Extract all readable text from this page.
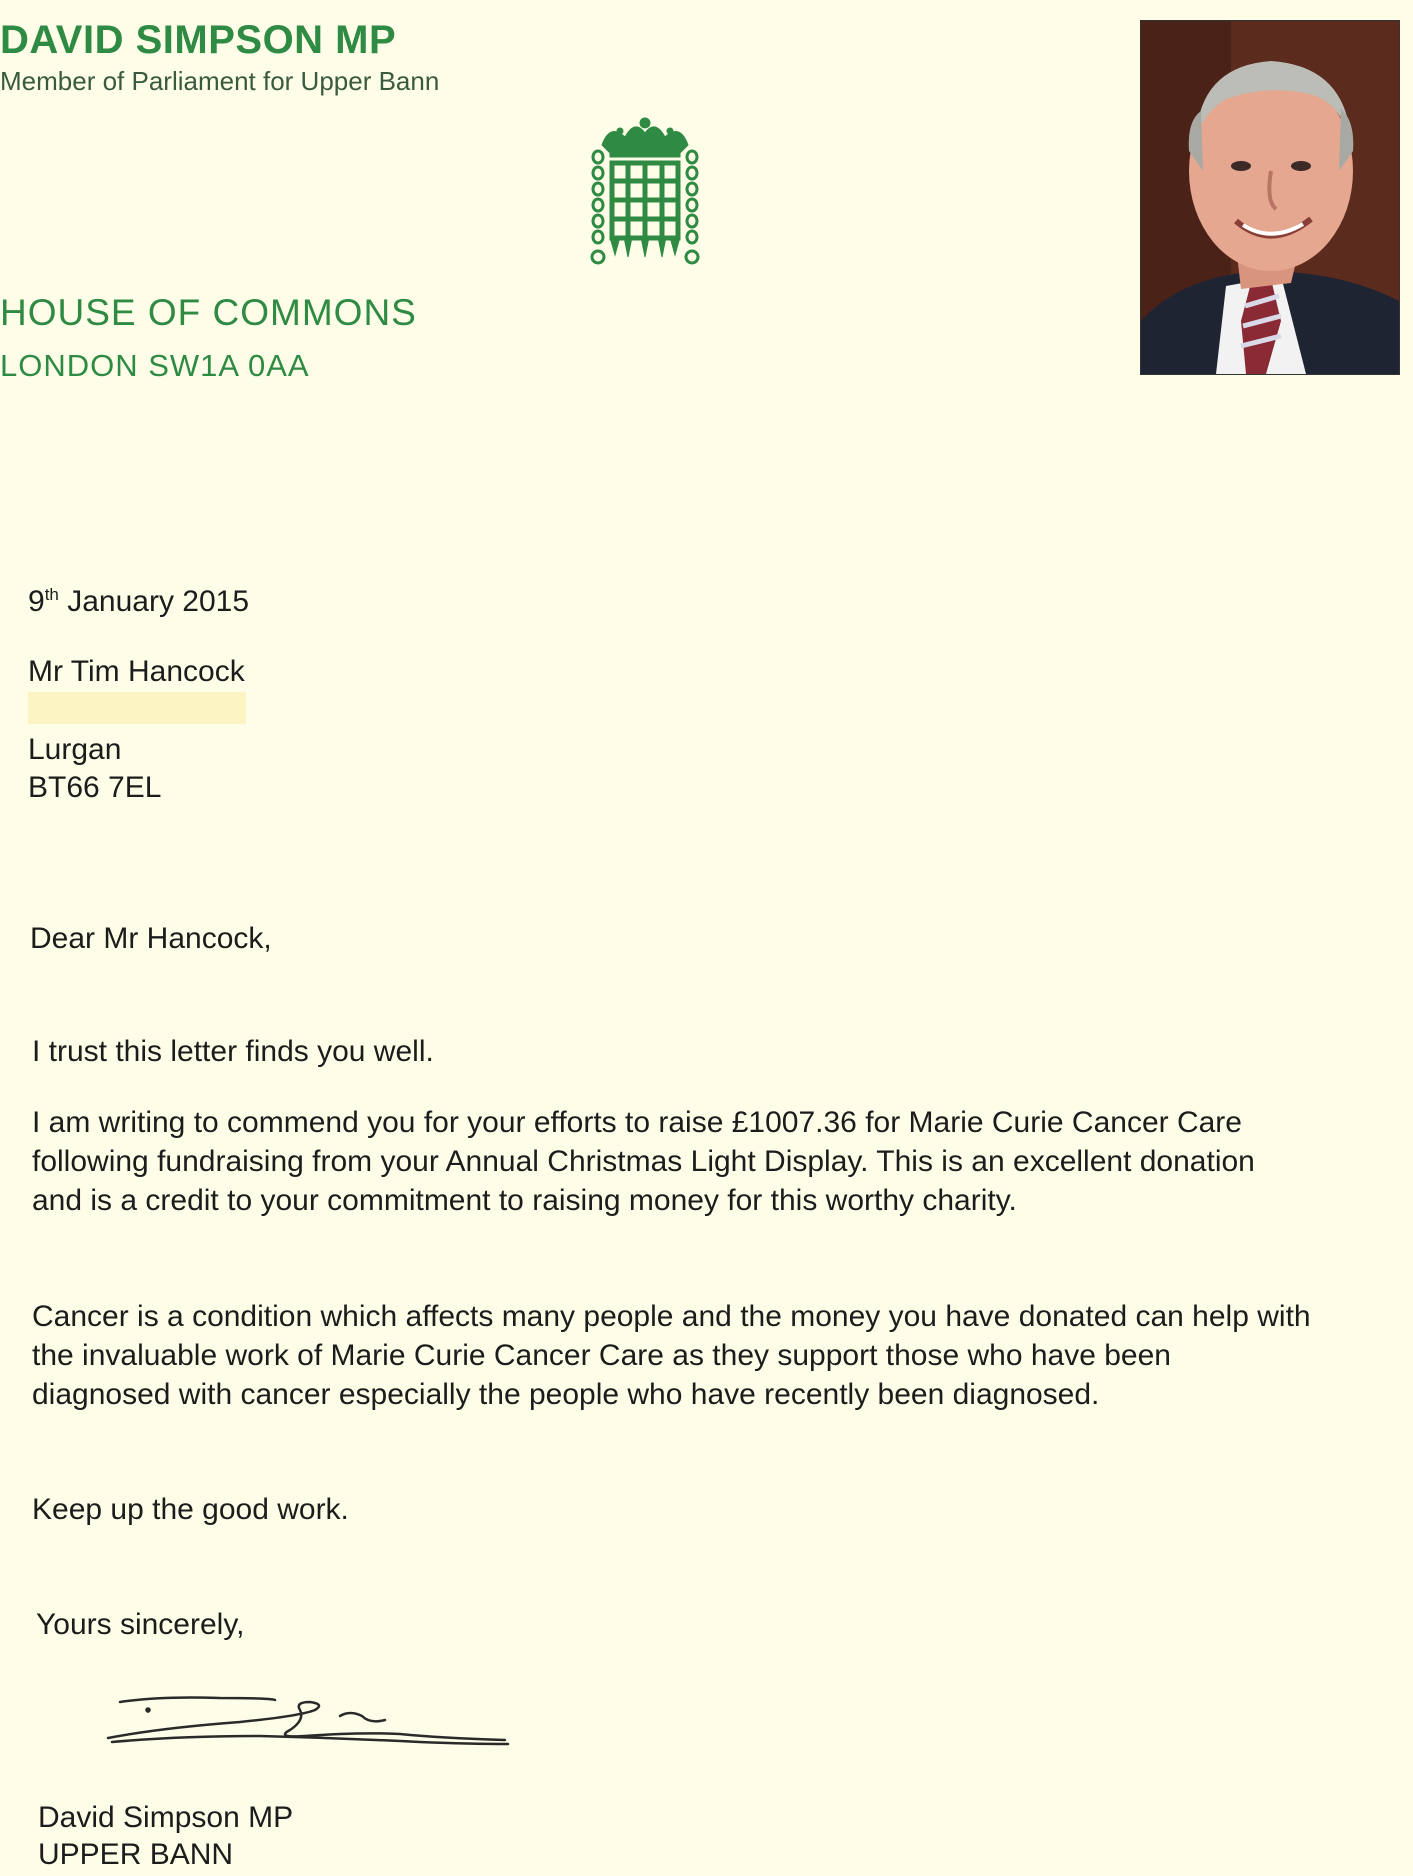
DAVID SIMPSON MP
Member of Parliament for Upper Bann
HOUSE OF COMMONS
LONDON SW1A 0AA
9th January 2015
Mr Tim Hancock
Lurgan
BT66 7EL
Dear Mr Hancock,

I trust this letter finds you well.

I am writing to commend you for your efforts to raise £1007.36 for Marie Curie Cancer Care following fundraising from your Annual Christmas Light Display. This is an excellent donation and is a credit to your commitment to raising money for this worthy charity.

Cancer is a condition which affects many people and the money you have donated can help with the invaluable work of Marie Curie Cancer Care as they support those who have been diagnosed with cancer especially the people who have recently been diagnosed.

Keep up the good work.

Yours sincerely,
David Simpson MP
UPPER BANN
